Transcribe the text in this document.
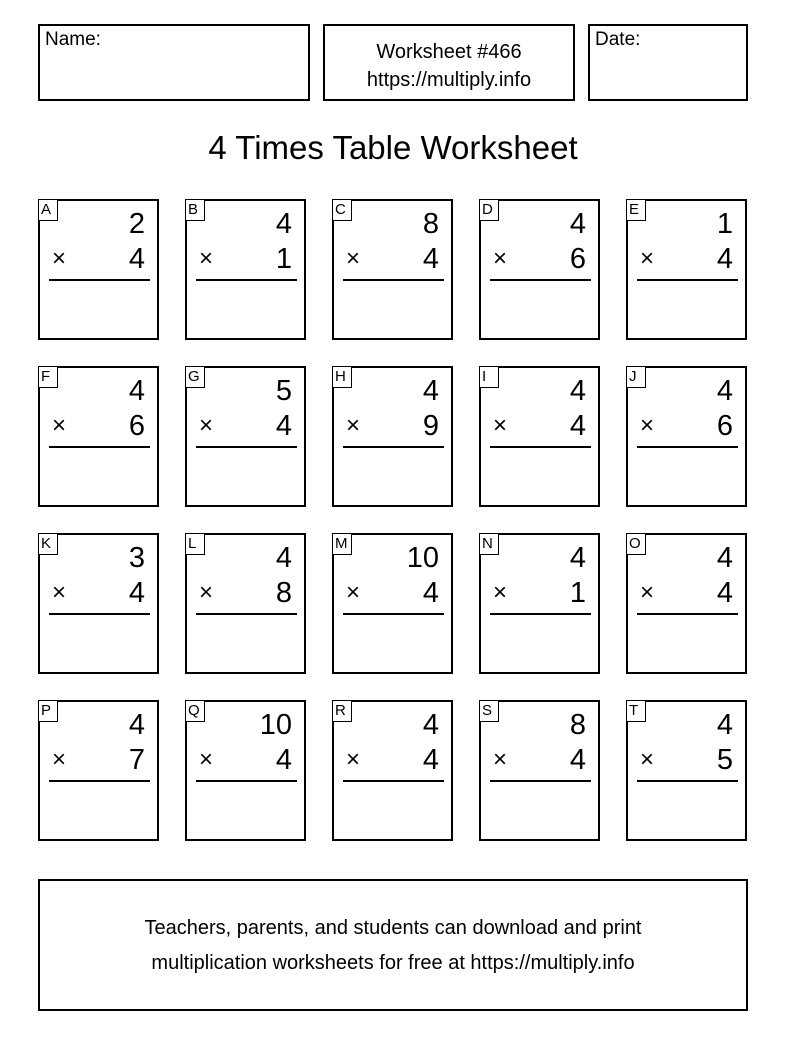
Name:
Worksheet #466
https://multiply.info
Date:
4 Times Table Worksheet
A	2
× 4
B	4
× 1
C	8
× 4
D	4
× 6
E	1
× 4
F	4
× 6
G	5
× 4
H	4
× 9
I	4
× 4
J	4
× 6
K	3
× 4
L	4
× 8
M 10
× 4
N	4
× 1
O	4
× 4
P	4
× 7
Q 10
× 4
R	4
× 4
S	8
× 4
T	4
× 5
Teachers, parents, and students can download and print
multiplication worksheets for free at https://multiply.info
